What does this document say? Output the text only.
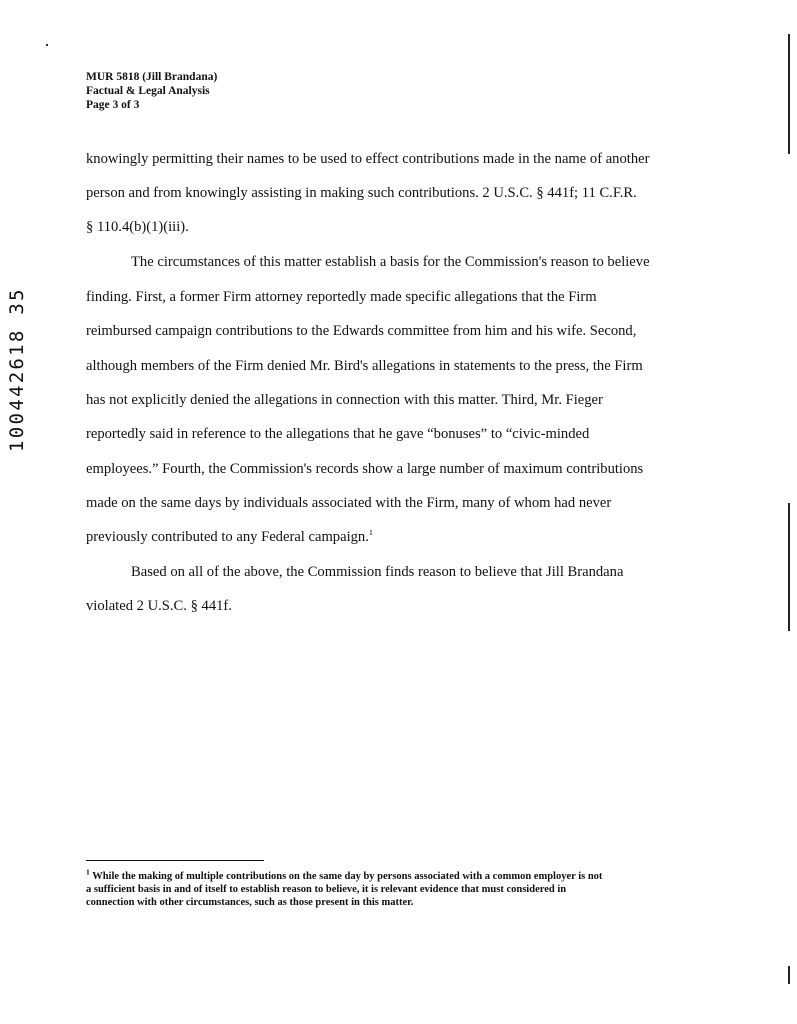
MUR 5818 (Jill Brandana)
Factual & Legal Analysis
Page 3 of 3
100442618 35
knowingly permitting their names to be used to effect contributions made in the name of another
person and from knowingly assisting in making such contributions. 2 U.S.C. § 441f; 11 C.F.R.
§ 110.4(b)(1)(iii).
The circumstances of this matter establish a basis for the Commission's reason to believe
finding. First, a former Firm attorney reportedly made specific allegations that the Firm
reimbursed campaign contributions to the Edwards committee from him and his wife. Second,
although members of the Firm denied Mr. Bird's allegations in statements to the press, the Firm
has not explicitly denied the allegations in connection with this matter. Third, Mr. Fieger
reportedly said in reference to the allegations that he gave “bonuses” to “civic-minded
employees.” Fourth, the Commission's records show a large number of maximum contributions
made on the same days by individuals associated with the Firm, many of whom had never
previously contributed to any Federal campaign.$^1$
Based on all of the above, the Commission finds reason to believe that Jill Brandana
violated 2 U.S.C. § 441f.
$^1$ While the making of multiple contributions on the same day by persons associated with a common employer is not
a sufficient basis in and of itself to establish reason to believe, it is relevant evidence that must considered in
connection with other circumstances, such as those present in this matter.
